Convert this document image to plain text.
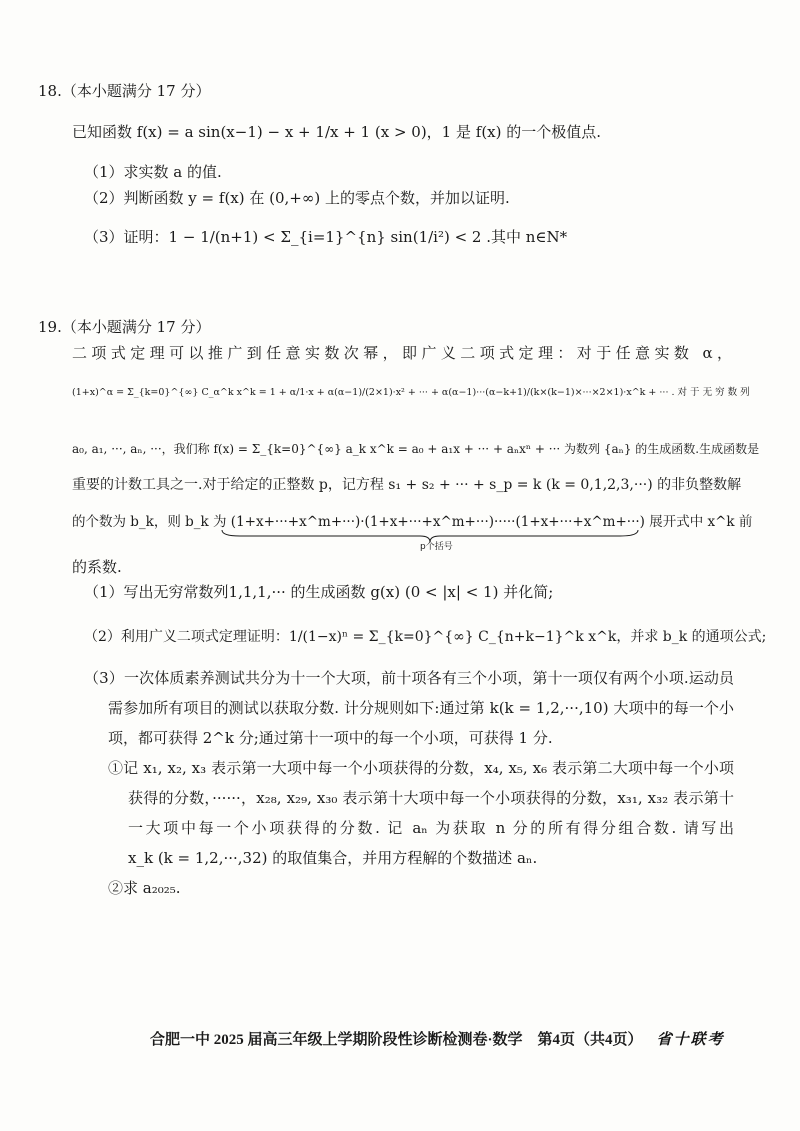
18.（本小题满分 17 分）
已知函数 f(x) = a sin(x−1) − x + 1/x + 1 (x > 0)，1 是 f(x) 的一个极值点.
（1）求实数 a 的值.
（2）判断函数 y = f(x) 在 (0,+∞) 上的零点个数，并加以证明.
（3）证明：1 − 1/(n+1) < Σ_{i=1}^{n} sin(1/i²) < 2 .其中 n∈N*
19.（本小题满分 17 分）
二项式定理可以推广到任意实数次幂，即广义二项式定理：对于任意实数 α，
(1+x)^α = Σ_{k=0}^{∞} C_α^k x^k = 1 + α/1·x + α(α−1)/(2×1)·x² + ··· + α(α−1)···(α−k+1)/(k×(k−1)×···×2×1)·x^k + ··· . 对 于 无 穷 数 列
a₀, a₁, ···, aₙ, ···，我们称 f(x) = Σ_{k=0}^{∞} a_k x^k = a₀ + a₁x + ··· + aₙxⁿ + ··· 为数列 {aₙ} 的生成函数.生成函数是
重要的计数工具之一.对于给定的正整数 p，记方程 s₁ + s₂ + ··· + s_p = k (k = 0,1,2,3,···) 的非负整数解
的个数为 b_k，则 b_k 为 (1+x+···+x^m+···)·(1+x+···+x^m+···)·····(1+x+···+x^m+···) 展开式中 x^k 前
p个括号
的系数.
（1）写出无穷常数列1,1,1,··· 的生成函数 g(x) (0 < |x| < 1) 并化简;
（2）利用广义二项式定理证明：1/(1−x)ⁿ = Σ_{k=0}^{∞} C_{n+k−1}^k x^k，并求 b_k 的通项公式;
（3）一次体质素养测试共分为十一个大项，前十项各有三个小项，第十一项仅有两个小项.运动员
需参加所有项目的测试以获取分数. 计分规则如下:通过第 k(k = 1,2,···,10) 大项中的每一个小
项，都可获得 2^k 分;通过第十一项中的每一个小项，可获得 1 分.
①记 x₁, x₂, x₃ 表示第一大项中每一个小项获得的分数，x₄, x₅, x₆ 表示第二大项中每一个小项
获得的分数，······，x₂₈, x₂₉, x₃₀ 表示第十大项中每一个小项获得的分数，x₃₁, x₃₂ 表示第十
一大项中每一个小项获得的分数. 记 aₙ 为获取 n 分的所有得分组合数. 请写出
x_k (k = 1,2,···,32) 的取值集合，并用方程解的个数描述 aₙ.
②求 a₂₀₂₅.
合肥一中 2025 届高三年级上学期阶段性诊断检测卷·数学　第4页（共4页） 省十联考
